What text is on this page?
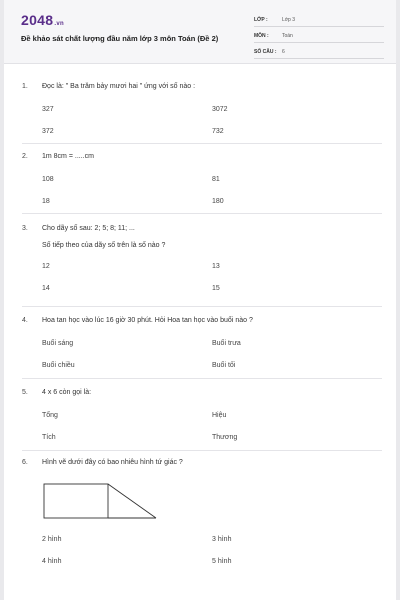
2048.vn
Đề khảo sát chất lượng đầu năm lớp 3 môn Toán (Đề 2)
LỚP :	Lớp 3
MÔN :	Toán
SỐ CÂU :	6
1. Đọc là: " Ba trăm bảy mươi hai " ứng với số nào :
327	3072
372	732
2. 1m 8cm = .....cm
108	81
18	180
3. Cho dãy số sau: 2; 5; 8; 11; ...
Số tiếp theo của dãy số trên là số nào ?
12	13
14	15
4. Hoa tan học vào lúc 16 giờ 30 phút. Hỏi Hoa tan học vào buổi nào ?
Buổi sáng	Buổi trưa
Buổi chiều	Buổi tối
5. 4 x 6 còn gọi là:
Tổng	Hiệu
Tích	Thương
6. Hình vẽ dưới đây có bao nhiêu hình tứ giác ?
2 hình	3 hình
4 hình	5 hình
